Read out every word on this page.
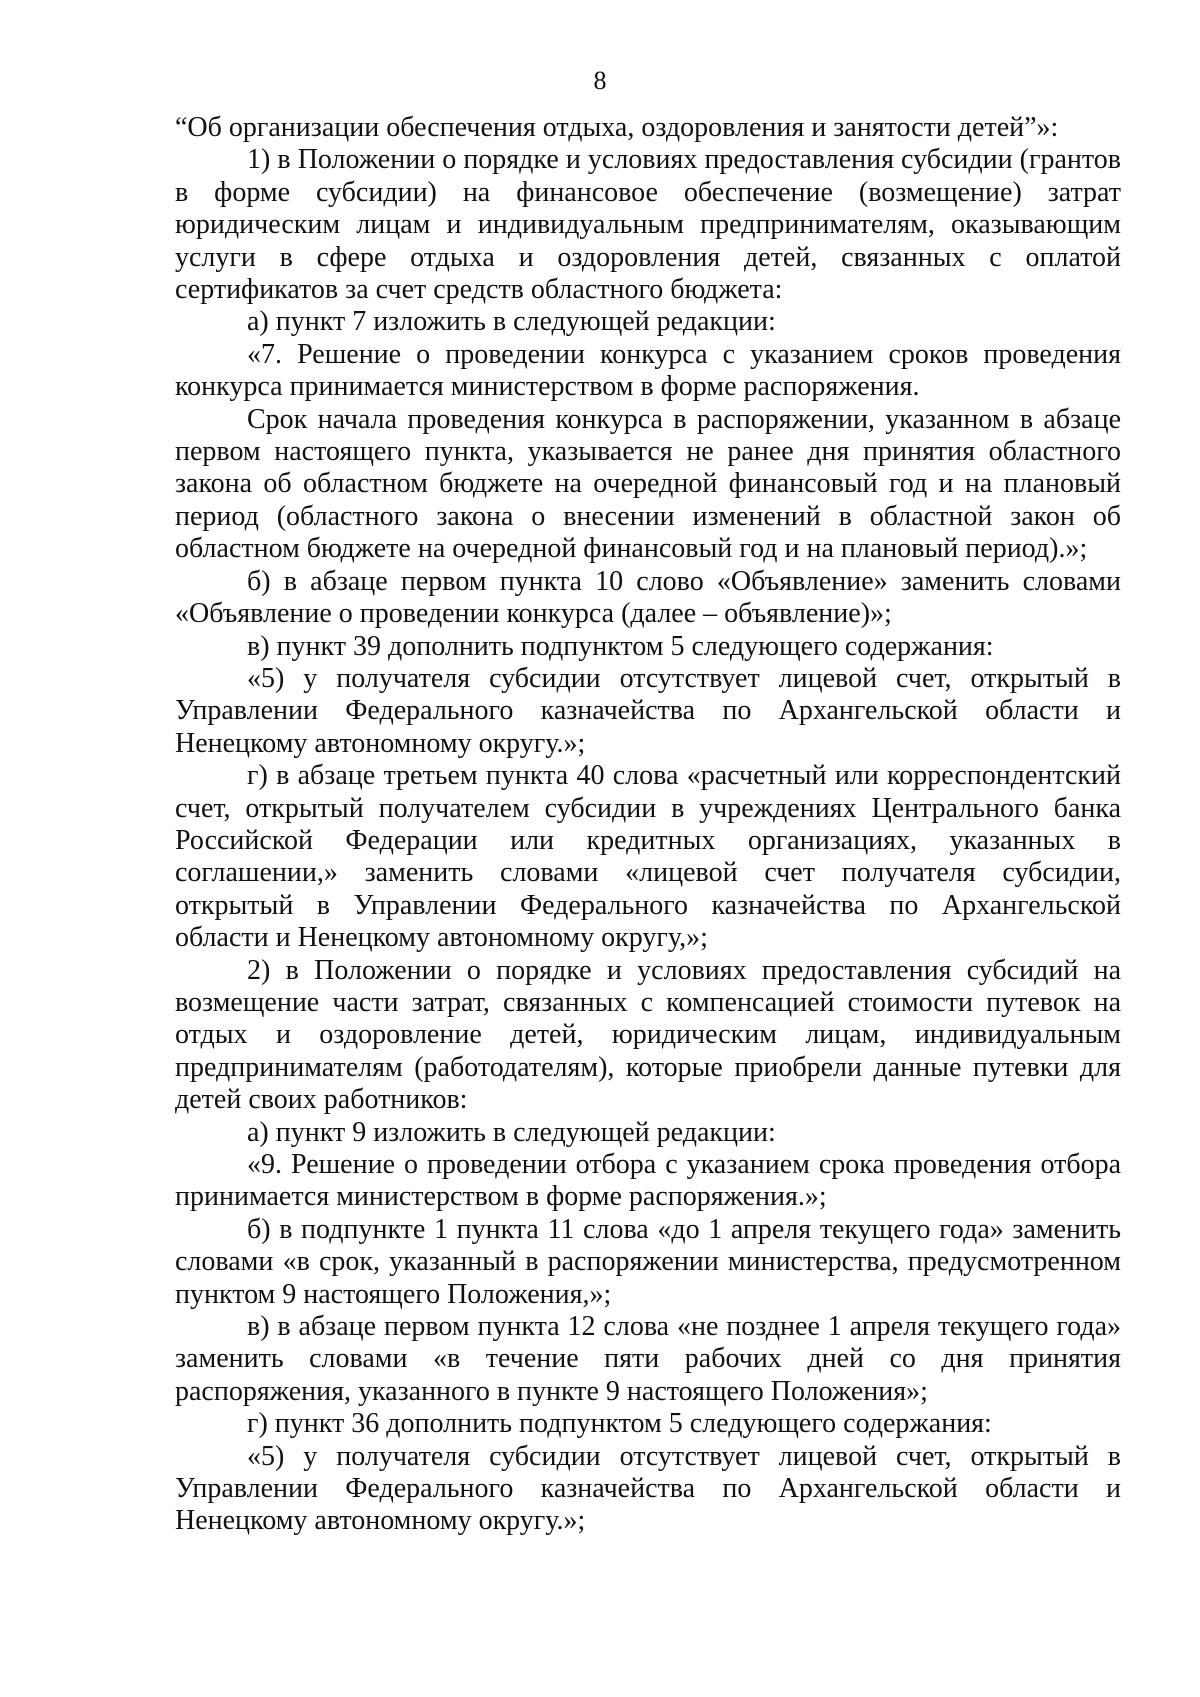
8

“Об организации обеспечения отдыха, оздоровления и занятости детей”»:

1) в Положении о порядке и условиях предоставления субсидии (грантов в форме субсидии) на финансовое обеспечение (возмещение) затрат юридическим лицам и индивидуальным предпринимателям, оказывающим услуги в сфере отдыха и оздоровления детей, связанных с оплатой сертификатов за счет средств областного бюджета:

а) пункт 7 изложить в следующей редакции:

«7. Решение о проведении конкурса с указанием сроков проведения конкурса принимается министерством в форме распоряжения.

Срок начала проведения конкурса в распоряжении, указанном в абзаце первом настоящего пункта, указывается не ранее дня принятия областного закона об областном бюджете на очередной финансовый год и на плановый период (областного закона о внесении изменений в областной закон об областном бюджете на очередной финансовый год и на плановый период).»;

б) в абзаце первом пункта 10 слово «Объявление» заменить словами «Объявление о проведении конкурса (далее – объявление)»;

в) пункт 39 дополнить подпунктом 5 следующего содержания:

«5) у получателя субсидии отсутствует лицевой счет, открытый в Управлении Федерального казначейства по Архангельской области и Ненецкому автономному округу.»;

г) в абзаце третьем пункта 40 слова «расчетный или корреспондентский счет, открытый получателем субсидии в учреждениях Центрального банка Российской Федерации или кредитных организациях, указанных в соглашении,» заменить словами «лицевой счет получателя субсидии, открытый в Управлении Федерального казначейства по Архангельской области и Ненецкому автономному округу,»;

2) в Положении о порядке и условиях предоставления субсидий на возмещение части затрат, связанных с компенсацией стоимости путевок на отдых и оздоровление детей, юридическим лицам, индивидуальным предпринимателям (работодателям), которые приобрели данные путевки для детей своих работников:

а) пункт 9 изложить в следующей редакции:

«9. Решение о проведении отбора с указанием срока проведения отбора принимается министерством в форме распоряжения.»;

б) в подпункте 1 пункта 11 слова «до 1 апреля текущего года» заменить словами «в срок, указанный в распоряжении министерства, предусмотренном пунктом 9 настоящего Положения,»;

в) в абзаце первом пункта 12 слова «не позднее 1 апреля текущего года» заменить словами «в течение пяти рабочих дней со дня принятия распоряжения, указанного в пункте 9 настоящего Положения»;

г) пункт 36 дополнить подпунктом 5 следующего содержания:

«5) у получателя субсидии отсутствует лицевой счет, открытый в Управлении Федерального казначейства по Архангельской области и Ненецкому автономному округу.»;
